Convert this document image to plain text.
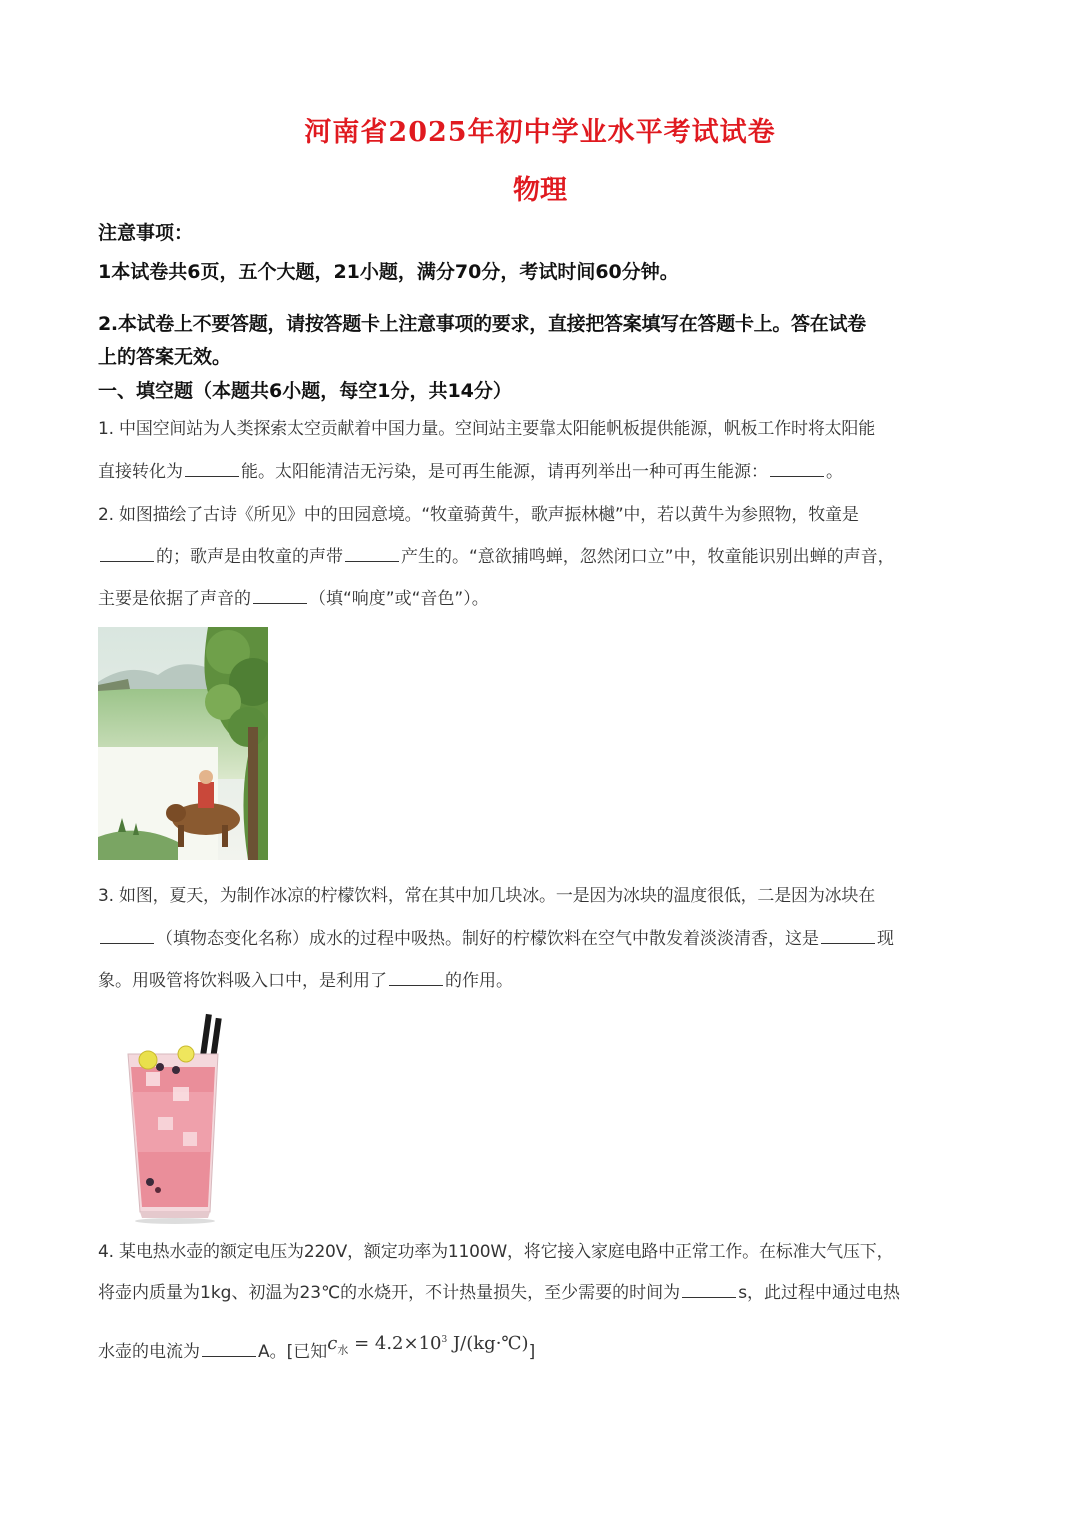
河南省2025年初中学业水平考试试卷
物理
注意事项：
1本试卷共6页，五个大题，21小题，满分70分，考试时间60分钟。
2.本试卷上不要答题，请按答题卡上注意事项的要求，直接把答案填写在答题卡上。答在试卷
上的答案无效。
一、填空题（本题共6小题，每空1分，共14分）
1. 中国空间站为人类探索太空贡献着中国力量。空间站主要靠太阳能帆板提供能源，帆板工作时将太阳能
直接转化为	能。太阳能清洁无污染，是可再生能源，请再列举出一种可再生能源：	。
2. 如图描绘了古诗《所见》中的田园意境。“牧童骑黄牛，歌声振林樾”中，若以黄牛为参照物，牧童是
的；歌声是由牧童的声带	产生的。“意欲捕鸣蝉，忽然闭口立”中，牧童能识别出蝉的声音，
主要是依据了声音的	（填“响度”或“音色”）。
3. 如图，夏天，为制作冰凉的柠檬饮料，常在其中加几块冰。一是因为冰块的温度很低，二是因为冰块在
（填物态变化名称）成水的过程中吸热。制好的柠檬饮料在空气中散发着淡淡清香，这是	现
象。用吸管将饮料吸入口中，是利用了	的作用。
4. 某电热水壶的额定电压为220V，额定功率为1100W，将它接入家庭电路中正常工作。在标准大气压下，
将壶内质量为1kg、初温为23℃的水烧开，不计热量损失，至少需要的时间为	s，此过程中通过电热
水壶的电流为	A。[已知$c_水 = 4.2\times 10^3$ J/(kg·℃)]
